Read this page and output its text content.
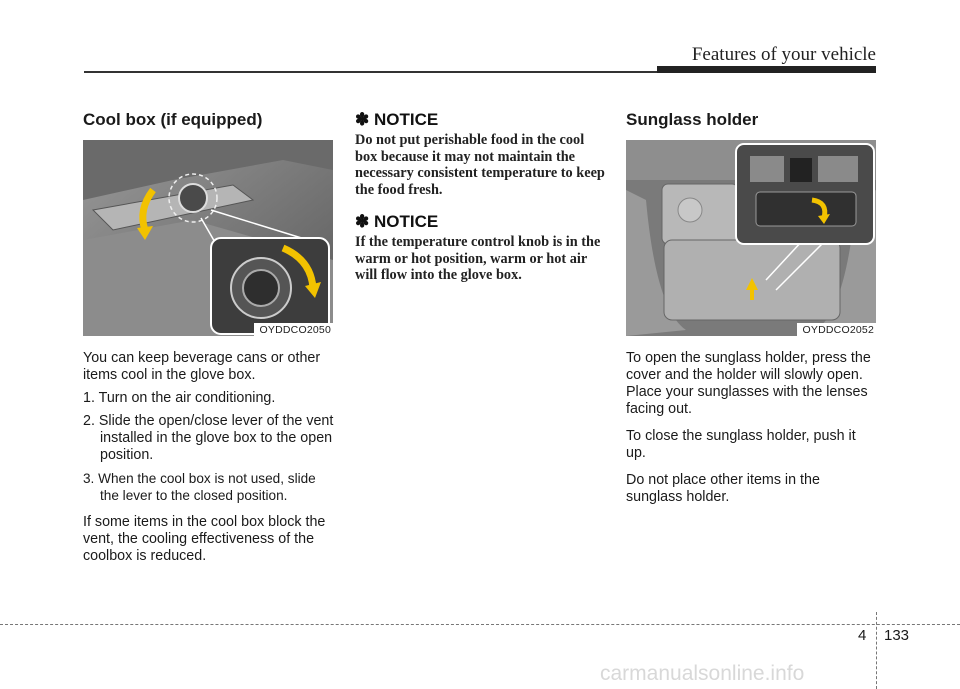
Features of your vehicle
Cool box (if equipped)
OYDDCO2050

You can keep beverage cans or other items cool in the glove box.

1. Turn on the air conditioning.
2. Slide the open/close lever of the vent installed in the glove box to the open position.
3. When the cool box is not used, slide the lever to the closed position.

If some items in the cool box block the vent, the cooling effectiveness of the coolbox is reduced.

✽ NOTICE

Do not put perishable food in the cool box because it may not maintain the necessary consistent temperature to keep the food fresh.

✽ NOTICE

If the temperature control knob is in the warm or hot position, warm or hot air will flow into the glove box.

Sunglass holder
OYDDCO2052

To open the sunglass holder, press the cover and the holder will slowly open. Place your sunglasses with the lenses facing out.

To close the sunglass holder, push it up.

Do not place other items in the sunglass holder.

4 133
carmanualsonline.info
